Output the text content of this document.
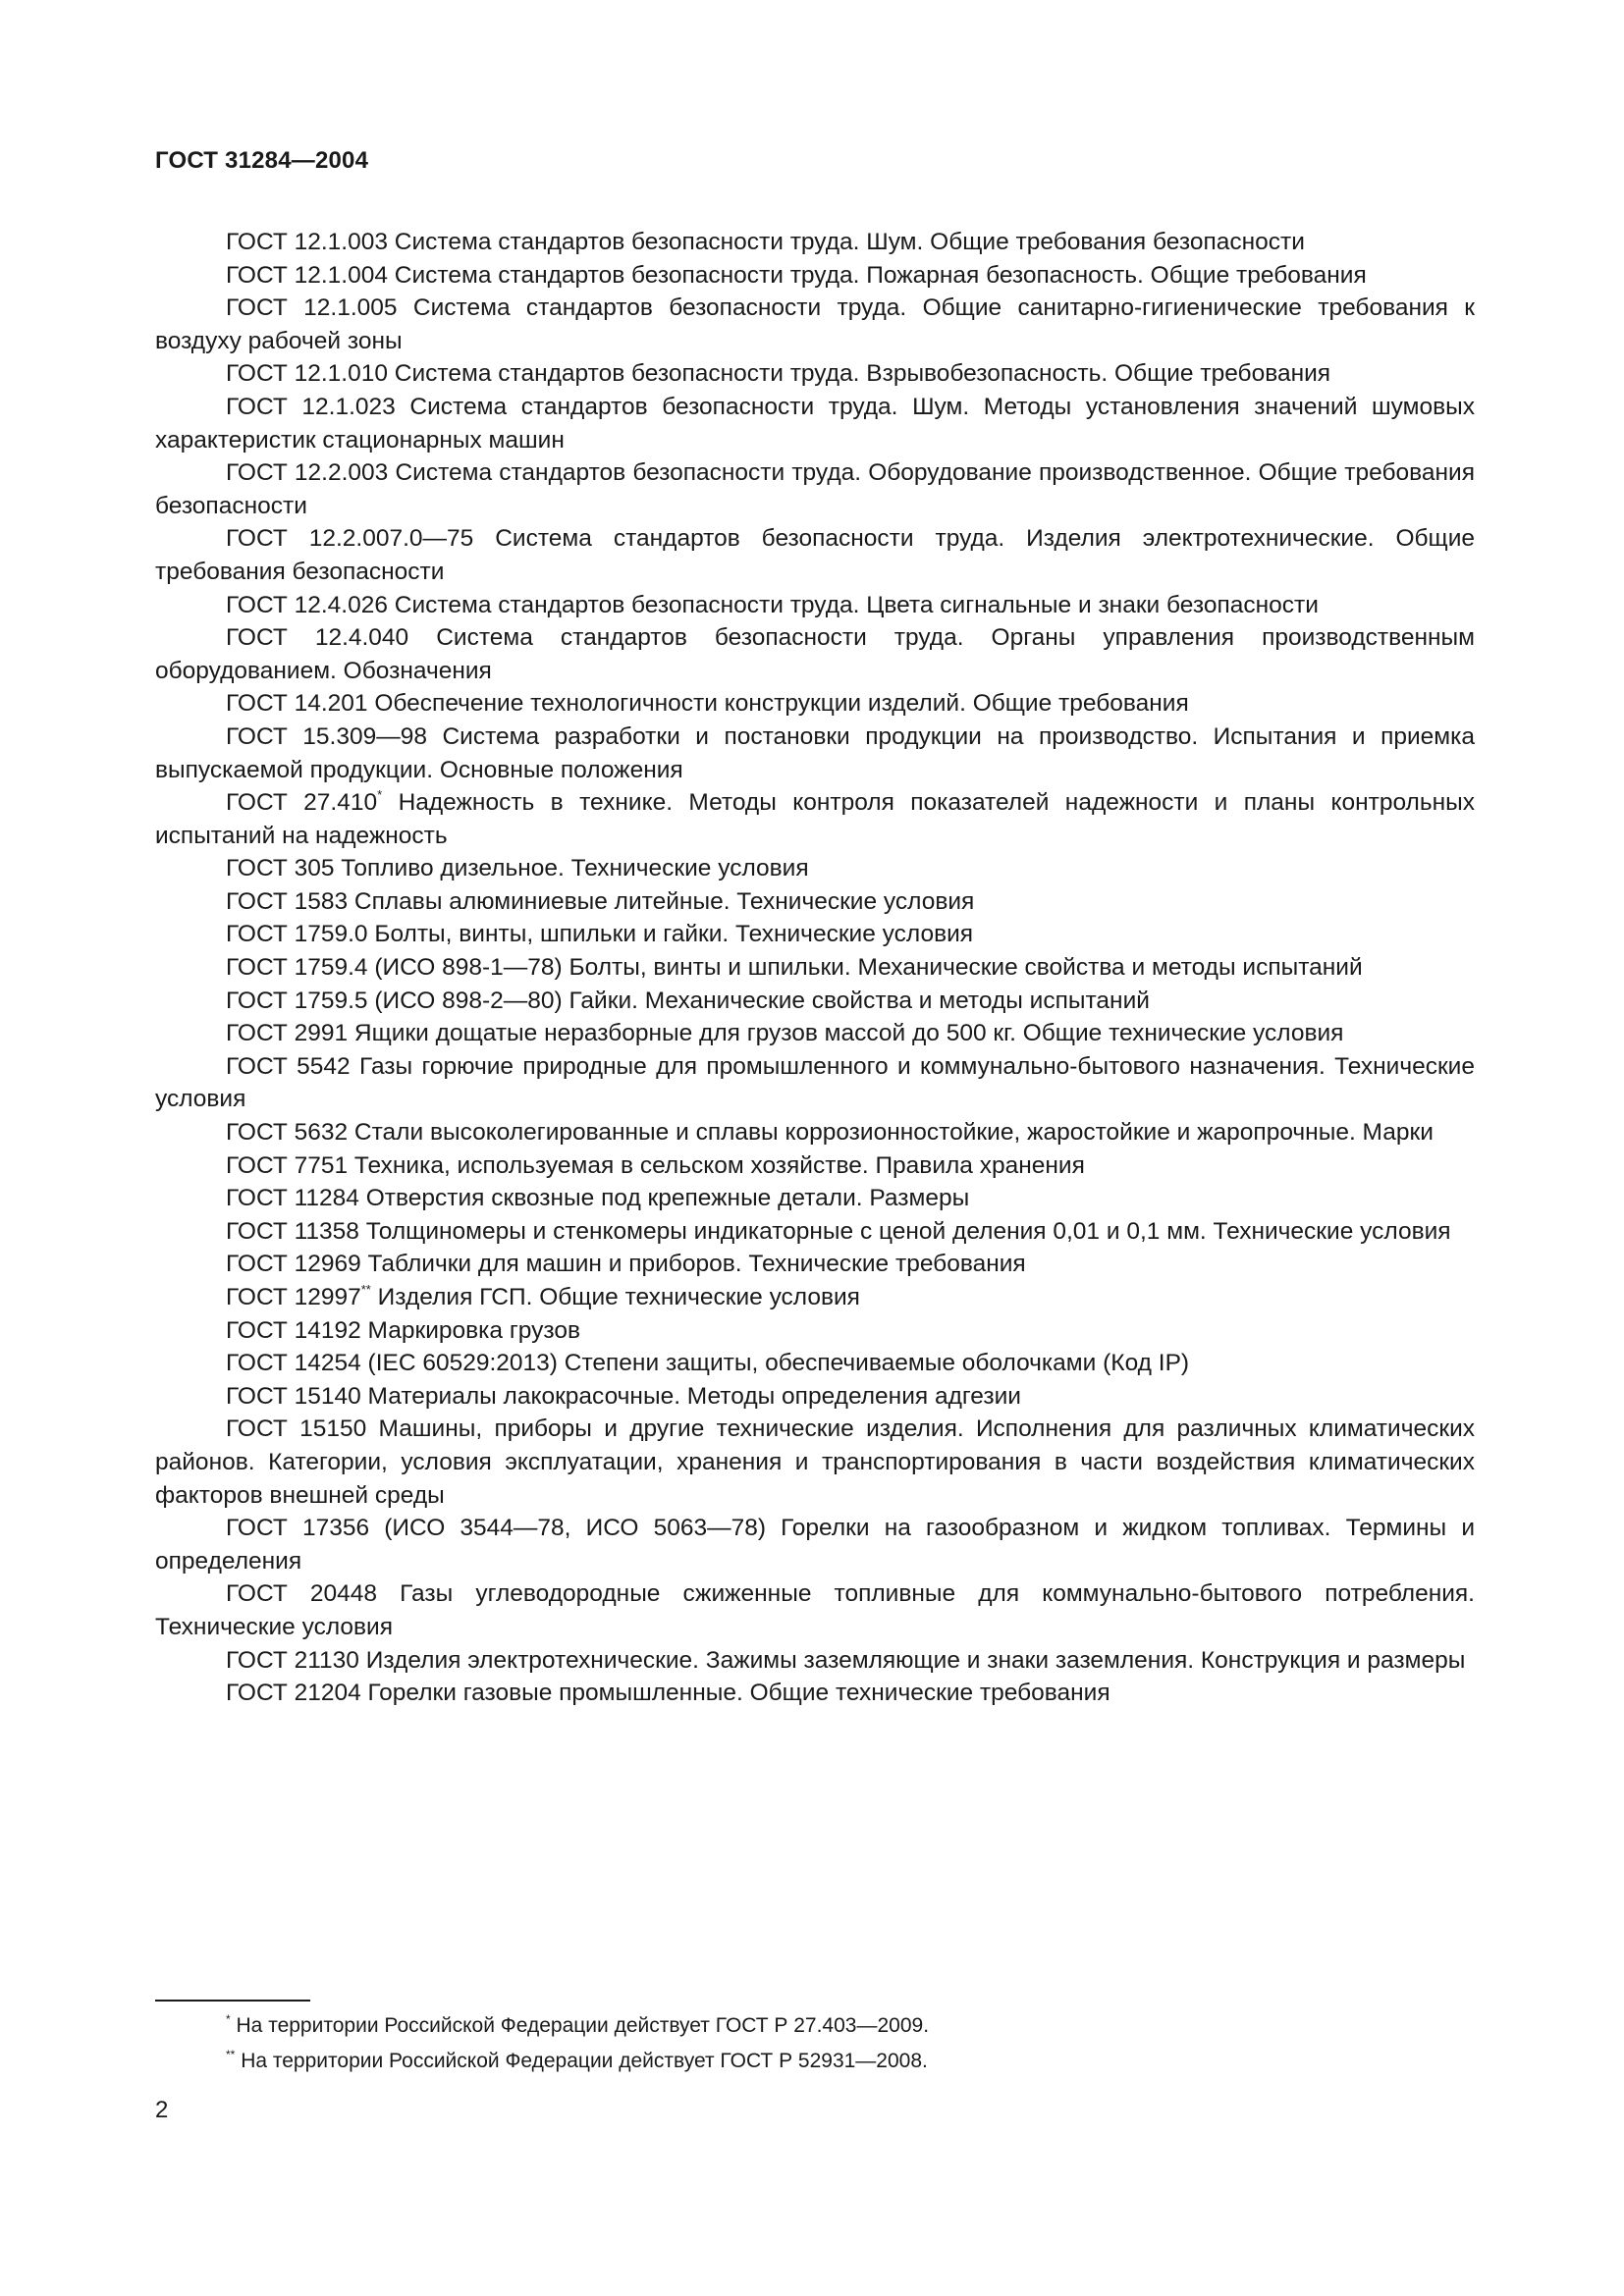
ГОСТ 31284—2004

ГОСТ 12.1.003 Система стандартов безопасности труда. Шум. Общие требования безопасности

ГОСТ 12.1.004 Система стандартов безопасности труда. Пожарная безопасность. Общие требования

ГОСТ 12.1.005 Система стандартов безопасности труда. Общие санитарно-гигиенические требования к воздуху рабочей зоны

ГОСТ 12.1.010 Система стандартов безопасности труда. Взрывобезопасность. Общие требования

ГОСТ 12.1.023 Система стандартов безопасности труда. Шум. Методы установления значений шумовых характеристик стационарных машин

ГОСТ 12.2.003 Система стандартов безопасности труда. Оборудование производственное. Общие требования безопасности

ГОСТ 12.2.007.0—75 Система стандартов безопасности труда. Изделия электротехнические. Общие требования безопасности

ГОСТ 12.4.026 Система стандартов безопасности труда. Цвета сигнальные и знаки безопасности

ГОСТ 12.4.040 Система стандартов безопасности труда. Органы управления производственным оборудованием. Обозначения

ГОСТ 14.201 Обеспечение технологичности конструкции изделий. Общие требования

ГОСТ 15.309—98 Система разработки и постановки продукции на производство. Испытания и приемка выпускаемой продукции. Основные положения

ГОСТ 27.410* Надежность в технике. Методы контроля показателей надежности и планы контрольных испытаний на надежность

ГОСТ 305 Топливо дизельное. Технические условия

ГОСТ 1583 Сплавы алюминиевые литейные. Технические условия

ГОСТ 1759.0 Болты, винты, шпильки и гайки. Технические условия

ГОСТ 1759.4 (ИСО 898-1—78) Болты, винты и шпильки. Механические свойства и методы испытаний

ГОСТ 1759.5 (ИСО 898-2—80) Гайки. Механические свойства и методы испытаний

ГОСТ 2991 Ящики дощатые неразборные для грузов массой до 500 кг. Общие технические условия

ГОСТ 5542 Газы горючие природные для промышленного и коммунально-бытового назначения. Технические условия

ГОСТ 5632 Стали высоколегированные и сплавы коррозионностойкие, жаростойкие и жаропрочные. Марки

ГОСТ 7751 Техника, используемая в сельском хозяйстве. Правила хранения

ГОСТ 11284 Отверстия сквозные под крепежные детали. Размеры

ГОСТ 11358 Толщиномеры и стенкомеры индикаторные с ценой деления 0,01 и 0,1 мм. Технические условия

ГОСТ 12969 Таблички для машин и приборов. Технические требования

ГОСТ 12997** Изделия ГСП. Общие технические условия

ГОСТ 14192 Маркировка грузов

ГОСТ 14254 (IEC 60529:2013) Степени защиты, обеспечиваемые оболочками (Код IP)

ГОСТ 15140 Материалы лакокрасочные. Методы определения адгезии

ГОСТ 15150 Машины, приборы и другие технические изделия. Исполнения для различных климатических районов. Категории, условия эксплуатации, хранения и транспортирования в части воздействия климатических факторов внешней среды

ГОСТ 17356 (ИСО 3544—78, ИСО 5063—78) Горелки на газообразном и жидком топливах. Термины и определения

ГОСТ 20448 Газы углеводородные сжиженные топливные для коммунально-бытового потребления. Технические условия

ГОСТ 21130 Изделия электротехнические. Зажимы заземляющие и знаки заземления. Конструкция и размеры

ГОСТ 21204 Горелки газовые промышленные. Общие технические требования

* На территории Российской Федерации действует ГОСТ Р 27.403—2009.

** На территории Российской Федерации действует ГОСТ Р 52931—2008.

2
